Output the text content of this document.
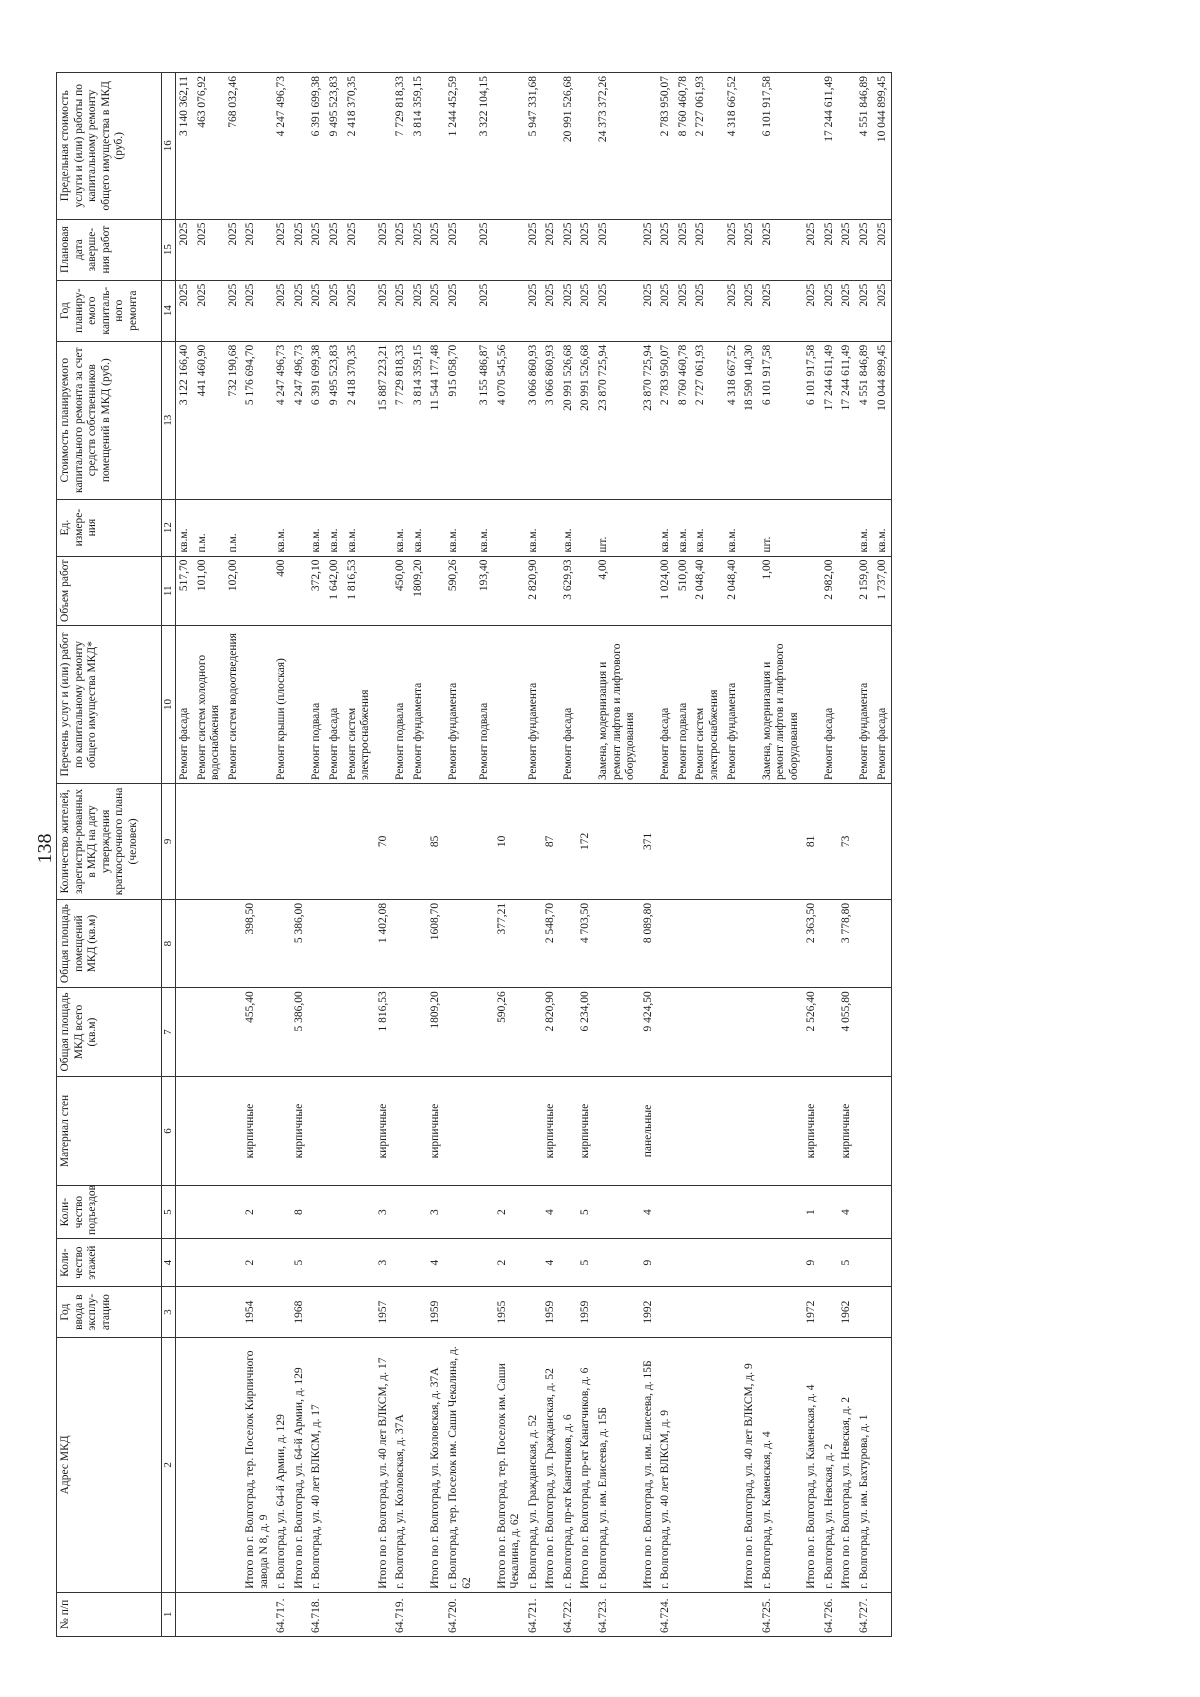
138
№ п/п	Адрес МКД	Год ввода в эксплу-атацию	Коли-чество этажей	Коли-чество подъездов	Материал стен	Общая площадь МКД всего (кв.м)	Общая площадь помещений МКД (кв.м)	Количество жителей, зарегистри-рованных в МКД на дату утверждения краткосрочного плана (человек)	Перечень услуг и (или) работ по капитальному ремонту общего имущества МКД*	Объем работ	Ед. измере-ния	Стоимость планируемого капитального ремонта за счет средств собственников помещений в МКД (руб.)	Год планиру-емого капиталь-ного ремонта	Плановая дата заверше-ния работ	Предельная стоимость услуги и (или) работы по капитальному ремонту общего имущества в МКД (руб.)
1	2	3	4	5	6	7	8	9	10	11	12	13	14	15	16
									Ремонт фасада	517,70	кв.м.	3 122 166,40	2025	2025	3 140 362,11
									Ремонт систем холодного водоснабжения	101,00	п.м.	441 460,90	2025	2025	463 076,92
									Ремонт систем водоотведения	102,00	п.м.	732 190,68	2025	2025	768 032,46
	Итого по г. Волгоград, тер. Поселок Кирпичного завода N 8, д. 9	1954	2	2	кирпичные	455,40	398,50					5 176 694,70	2025	2025	
64.717.	г. Волгоград, ул. 64-й Армии, д. 129								Ремонт крыши (плоская)	400	кв.м.	4 247 496,73	2025	2025	4 247 496,73
	Итого по г. Волгоград, ул. 64-й Армии, д. 129	1968	5	8	кирпичные	5 386,00	5 386,00					4 247 496,73	2025	2025	
64.718.	г. Волгоград, ул. 40 лет ВЛКСМ, д. 17								Ремонт подвала	372,10	кв.м.	6 391 699,38	2025	2025	6 391 699,38
									Ремонт фасада	1 642,00	кв.м.	9 495 523,83	2025	2025	9 495 523,83
									Ремонт систем электроснабжения	1 816,53	кв.м.	2 418 370,35	2025	2025	2 418 370,35
	Итого по г. Волгоград, ул. 40 лет ВЛКСМ, д. 17	1957	3	3	кирпичные	1 816,53	1 402,08	70				15 887 223,21	2025	2025	
64.719.	г. Волгоград, ул. Козловская, д. 37А								Ремонт подвала	450,00	кв.м.	7 729 818,33	2025	2025	7 729 818,33
									Ремонт фундамента	1809,20	кв.м.	3 814 359,15	2025	2025	3 814 359,15
	Итого по г. Волгоград, ул. Козловская, д. 37А	1959	4	3	кирпичные	1809,20	1608,70	85				11 544 177,48	2025	2025	
64.720.	г. Волгоград, тер. Поселок им. Саши Чекалина, д. 62								Ремонт фундамента	590,26	кв.м.	915 058,70	2025	2025	1 244 452,59
									Ремонт подвала	193,40	кв.м.	3 155 486,87	2025	2025	3 322 104,15
	Итого по г. Волгоград, тер. Поселок им. Саши Чекалина, д. 62	1955	2	2		590,26	377,21	10				4 070 545,56			
64.721.	г. Волгоград, ул. Гражданская, д. 52								Ремонт фундамента	2 820,90	кв.м.	3 066 860,93	2025	2025	5 947 331,68
	Итого по г. Волгоград, ул. Гражданская, д. 52	1959	4	4	кирпичные	2 820,90	2 548,70	87				3 066 860,93	2025	2025	
64.722.	г. Волгоград, пр-кт Канатчиков, д. 6								Ремонт фасада	3 629,93	кв.м.	20 991 526,68	2025	2025	20 991 526,68
	Итого по г. Волгоград, пр-кт Канатчиков, д. 6	1959	5	5	кирпичные	6 234,00	4 703,50	172				20 991 526,68	2025	2025	
64.723.	г. Волгоград, ул. им. Елисеева, д. 15Б								Замена, модернизация и ремонт лифтов и лифтового оборудования	4,00	шт.	23 870 725,94	2025	2025	24 373 372,26
	Итого по г. Волгоград, ул. им. Елисеева, д. 15Б	1992	9	4	панельные	9 424,50	8 089,80	371				23 870 725,94	2025	2025	
64.724.	г. Волгоград, ул. 40 лет ВЛКСМ, д. 9								Ремонт фасада	1 024,00	кв.м.	2 783 950,07	2025	2025	2 783 950,07
									Ремонт подвала	510,00	кв.м.	8 760 460,78	2025	2025	8 760 460,78
									Ремонт систем электроснабжения	2 048,40	кв.м.	2 727 061,93	2025	2025	2 727 061,93
									Ремонт фундамента	2 048,40	кв.м.	4 318 667,52	2025	2025	4 318 667,52
	Итого по г. Волгоград, ул. 40 лет ВЛКСМ, д. 9											18 590 140,30	2025	2025	
64.725.	г. Волгоград, ул. Каменская, д. 4								Замена, модернизация и ремонт лифтов и лифтового оборудования	1,00	шт.	6 101 917,58	2025	2025	6 101 917,58
	Итого по г. Волгоград, ул. Каменская, д. 4	1972	9	1	кирпичные	2 526,40	2 363,50	81				6 101 917,58	2025	2025	
64.726.	г. Волгоград, ул. Невская, д. 2								Ремонт фасада	2 982,00		17 244 611,49	2025	2025	17 244 611,49
	Итого по г. Волгоград, ул. Невская, д. 2	1962	5	4	кирпичные	4 055,80	3 778,80	73				17 244 611,49	2025	2025	
64.727.	г. Волгоград, ул. им. Бахтурова, д. 1								Ремонт фундамента	2 159,00	кв.м.	4 551 846,89	2025	2025	4 551 846,89
									Ремонт фасада	1 737,00	кв.м.	10 044 899,45	2025	2025	10 044 899,45
